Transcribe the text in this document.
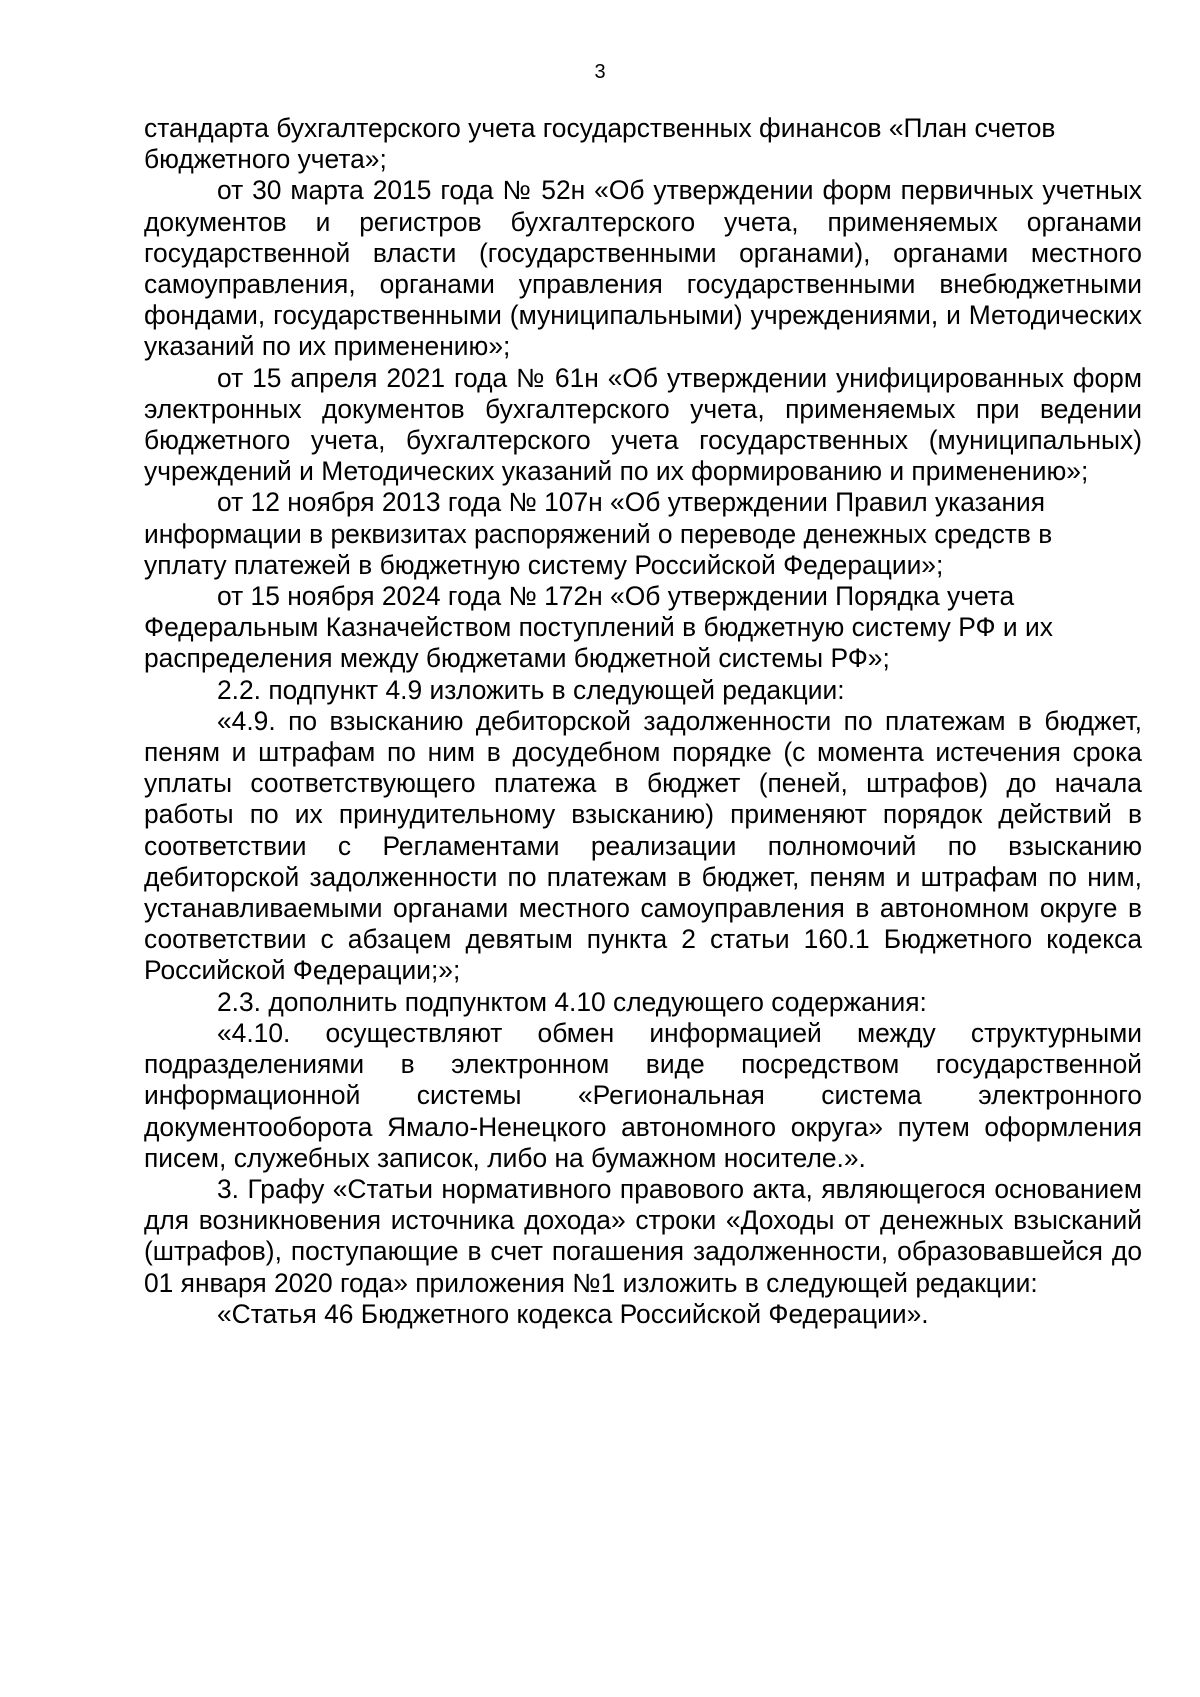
3

стандарта бухгалтерского учета государственных финансов «План счетов бюджетного учета»;

от 30 марта 2015 года № 52н «Об утверждении форм первичных учетных документов и регистров бухгалтерского учета, применяемых органами государственной власти (государственными органами), органами местного самоуправления, органами управления государственными внебюджетными фондами, государственными (муниципальными) учреждениями, и Методических указаний по их применению»;

от 15 апреля 2021 года № 61н «Об утверждении унифицированных форм электронных документов бухгалтерского учета, применяемых при ведении бюджетного учета, бухгалтерского учета государственных (муниципальных) учреждений и Методических указаний по их формированию и применению»;

от 12 ноября 2013 года № 107н «Об утверждении Правил указания информации в реквизитах распоряжений о переводе денежных средств в уплату платежей в бюджетную систему Российской Федерации»;

от 15 ноября 2024 года № 172н «Об утверждении Порядка учета Федеральным Казначейством поступлений в бюджетную систему РФ и их распределения между бюджетами бюджетной системы РФ»;

2.2. подпункт 4.9 изложить в следующей редакции:

«4.9. по взысканию дебиторской задолженности по платежам в бюджет, пеням и штрафам по ним в досудебном порядке (с момента истечения срока уплаты соответствующего платежа в бюджет (пеней, штрафов) до начала работы по их принудительному взысканию) применяют порядок действий в соответствии с Регламентами реализации полномочий по взысканию дебиторской задолженности по платежам в бюджет, пеням и штрафам по ним, устанавливаемыми органами местного самоуправления в автономном округе в соответствии с абзацем девятым пункта 2 статьи 160.1 Бюджетного кодекса Российской Федерации;»;

2.3. дополнить подпунктом 4.10 следующего содержания:

«4.10. осуществляют обмен информацией между структурными подразделениями в электронном виде посредством государственной информационной системы «Региональная система электронного документооборота Ямало-Ненецкого автономного округа» путем оформления писем, служебных записок, либо на бумажном носителе.».

3. Графу «Статьи нормативного правового акта, являющегося основанием для возникновения источника дохода» строки «Доходы от денежных взысканий (штрафов), поступающие в счет погашения задолженности, образовавшейся до 01 января 2020 года» приложения №1 изложить в следующей редакции:

«Статья 46 Бюджетного кодекса Российской Федерации».
